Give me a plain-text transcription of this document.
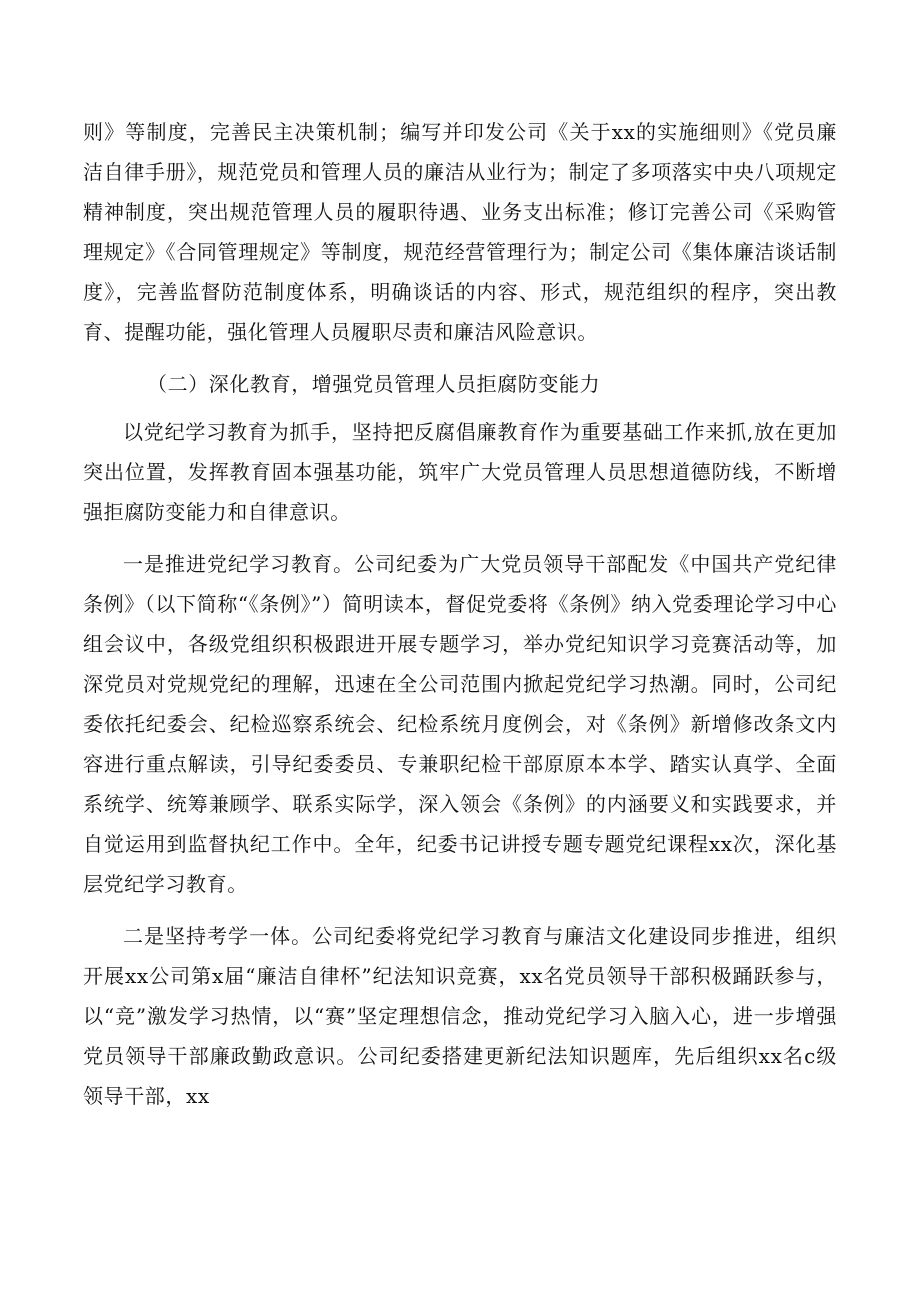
则》等制度，完善民主决策机制；编写并印发公司《关于xx的实施细则》《党员廉洁自律手册》，规范党员和管理人员的廉洁从业行为；制定了多项落实中央八项规定精神制度，突出规范管理人员的履职待遇、业务支出标准；修订完善公司《采购管理规定》《合同管理规定》等制度，规范经营管理行为；制定公司《集体廉洁谈话制度》，完善监督防范制度体系，明确谈话的内容、形式，规范组织的程序，突出教育、提醒功能，强化管理人员履职尽责和廉洁风险意识。

（二）深化教育，增强党员管理人员拒腐防变能力

以党纪学习教育为抓手，坚持把反腐倡廉教育作为重要基础工作来抓,放在更加突出位置，发挥教育固本强基功能，筑牢广大党员管理人员思想道德防线，不断增强拒腐防变能力和自律意识。

一是推进党纪学习教育。公司纪委为广大党员领导干部配发《中国共产党纪律条例》（以下简称“《条例》”）简明读本，督促党委将《条例》纳入党委理论学习中心组会议中，各级党组织积极跟进开展专题学习，举办党纪知识学习竞赛活动等，加深党员对党规党纪的理解，迅速在全公司范围内掀起党纪学习热潮。同时，公司纪委依托纪委会、纪检巡察系统会、纪检系统月度例会，对《条例》新增修改条文内容进行重点解读，引导纪委委员、专兼职纪检干部原原本本学、踏实认真学、全面系统学、统筹兼顾学、联系实际学，深入领会《条例》的内涵要义和实践要求，并自觉运用到监督执纪工作中。全年，纪委书记讲授专题专题党纪课程xx次，深化基层党纪学习教育。

二是坚持考学一体。公司纪委将党纪学习教育与廉洁文化建设同步推进，组织开展xx公司第x届“廉洁自律杯”纪法知识竞赛，xx名党员领导干部积极踊跃参与，以“竞”激发学习热情，以“赛”坚定理想信念，推动党纪学习入脑入心，进一步增强党员领导干部廉政勤政意识。公司纪委搭建更新纪法知识题库，先后组织xx名c级领导干部，xx
